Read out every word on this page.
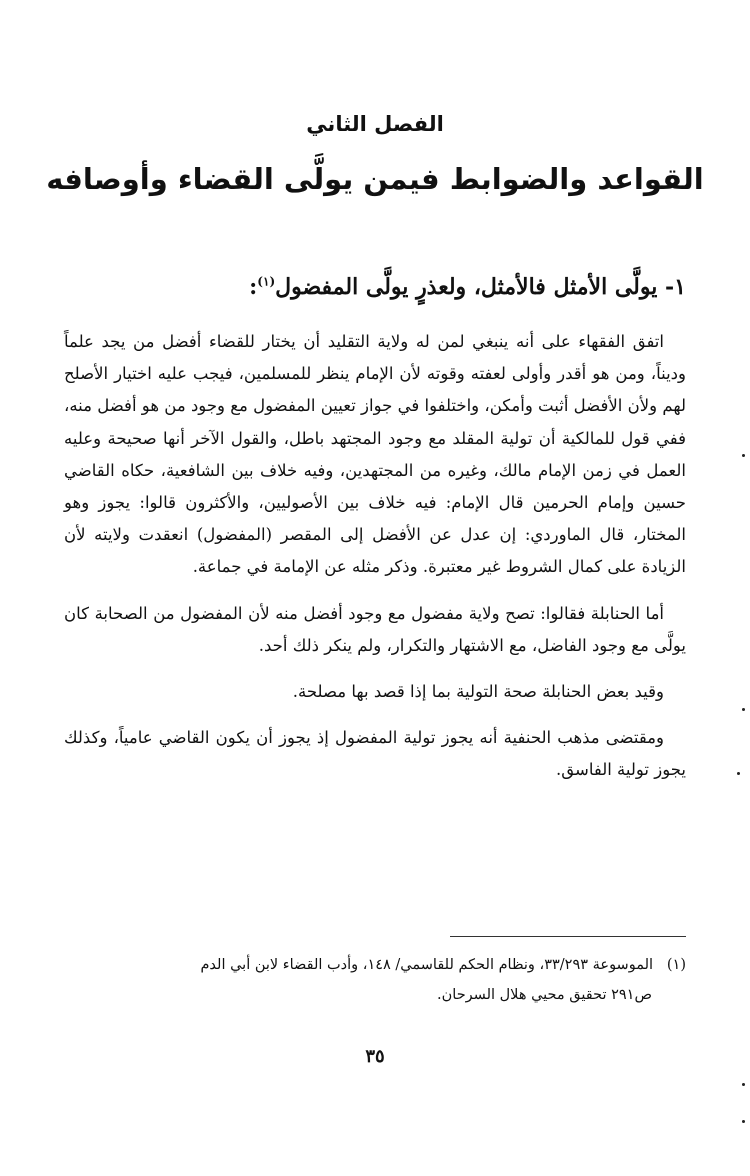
الفصل الثاني
القواعد والضوابط فيمن يولَّى القضاء وأوصافه
١- يولَّى الأمثل فالأمثل، ولعذرٍ يولَّى المفضول$^{(١)}$:

اتفق الفقهاء على أنه ينبغي لمن له ولاية التقليد أن يختار للقضاء أفضل من يجد علماً وديناً، ومن هو أقدر وأولى لعفته وقوته لأن الإمام ينظر للمسلمين، فيجب عليه اختيار الأصلح لهم ولأن الأفضل أثبت وأمكن، واختلفوا في جواز تعيين المفضول مع وجود من هو أفضل منه، ففي قول للمالكية أن تولية المقلد مع وجود المجتهد باطل، والقول الآخر أنها صحيحة وعليه العمل في زمن الإمام مالك، وغيره من المجتهدين، وفيه خلاف بين الشافعية، حكاه القاضي حسين وإمام الحرمين قال الإمام: فيه خلاف بين الأصوليين، والأكثرون قالوا: يجوز وهو المختار، قال الماوردي: إن عدل عن الأفضل إلى المقصر (المفضول) انعقدت ولايته لأن الزيادة على كمال الشروط غير معتبرة. وذكر مثله عن الإمامة في جماعة.

أما الحنابلة فقالوا: تصح ولاية مفضول مع وجود أفضل منه لأن المفضول من الصحابة كان يولَّى مع وجود الفاضل، مع الاشتهار والتكرار، ولم ينكر ذلك أحد.

وقيد بعض الحنابلة صحة التولية بما إذا قصد بها مصلحة.

ومقتضى مذهب الحنفية أنه يجوز تولية المفضول إذ يجوز أن يكون القاضي عامياً، وكذلك يجوز تولية الفاسق.

(١)   الموسوعة ٣٣/٢٩٣، ونظام الحكم للقاسمي/ ١٤٨، وأدب القضاء لابن أبي الدم

ص٢٩١ تحقيق محيي هلال السرحان.

٣٥
